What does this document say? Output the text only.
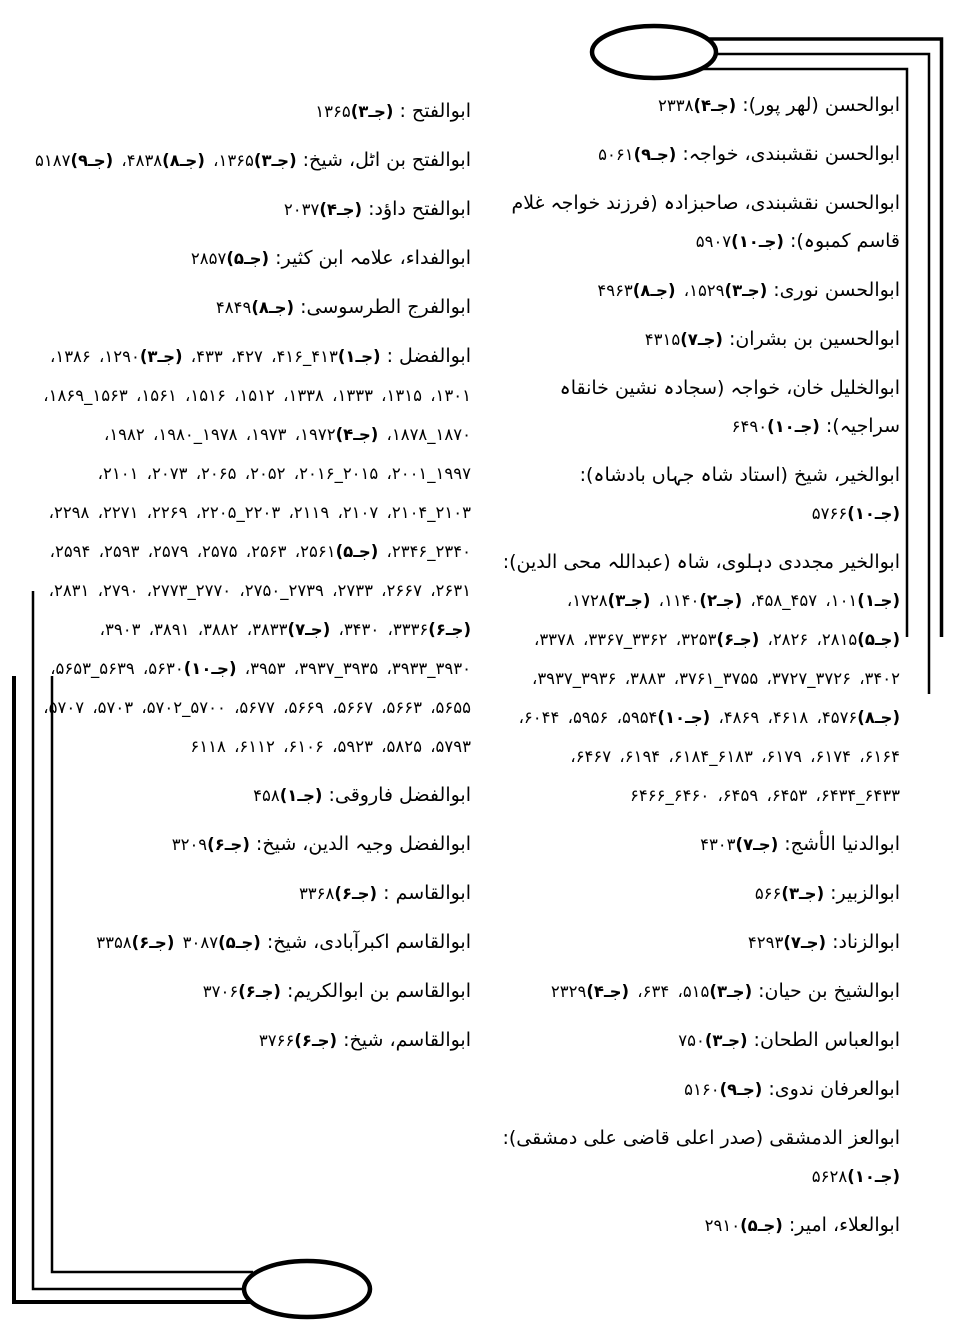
ابوالحسن (لهر پور): (جـ۴)۲۳۳۸

ابوالحسن نقشبندی، خواجہ: (جـ۹)۵۰۶۱

ابوالحسن نقشبندی، صاحبزادہ (فرزند خواجہ غلام قاسم کمبوہ): (جـ۱۰)۵۹۰۷

ابوالحسن نوری: (جـ۳)۱۵۲۹، (جـ۸)۴۹۶۳

ابوالحسین بن بشران: (جـ۷)۴۳۱۵

ابوالخلیل خان، خواجہ (سجادہ نشین خانقاہ سراجیہ): (جـ۱۰)۶۴۹۰

ابوالخیر، شیخ (استاد شاہ جہاں بادشاہ): (جـ۱۰)۵۷۶۶

ابوالخیر مجددی دہلوی، شاہ (عبداللہ محی الدین): (جـ۱)۱۰۱، ۴۵۷_۴۵۸، (جـ۲)۱۱۴۰، (جـ۳)۱۷۲۸، (جـ۵)۲۸۱۵، ۲۸۲۶، (جـ۶)۳۲۵۳، ۳۳۶۲_۳۳۶۷، ۳۳۷۸، ۳۴۰۲، ۳۷۲۶_۳۷۲۷، ۳۷۵۵_۳۷۶۱، ۳۸۸۳، ۳۹۳۶_۳۹۳۷، (جـ۸)۴۵۷۶، ۴۶۱۸، ۴۸۶۹، (جـ۱۰)۵۹۵۴، ۵۹۵۶، ۶۰۴۴، ۶۱۶۴، ۶۱۷۴، ۶۱۷۹، ۶۱۸۳_۶۱۸۴، ۶۱۹۴، ۶۴۶۷، ۶۴۳۳_۶۴۳۴، ۶۴۵۳، ۶۴۵۹، ۶۴۶۰_۶۴۶۶

ابوالدنیا الأشج: (جـ۷)۴۳۰۳

ابوالزبیر: (جـ۳)۵۶۶

ابوالزناد: (جـ۷)۴۲۹۳

ابوالشیخ بن حیان: (جـ۳)۵۱۵، ۶۳۴، (جـ۴)۲۳۲۹

ابوالعباس الطحان: (جـ۳)۷۵۰

ابوالعرفان ندوی: (جـ۹)۵۱۶۰

ابوالعز الدمشقی (صدر اعلی قاضی علی دمشقی): (جـ۱۰)۵۶۲۸

ابوالعلاء، امیر: (جـ۵)۲۹۱۰

ابوالفتح : (جـ۳)۱۳۶۵

ابوالفتح بن اٹل، شیخ: (جـ۳)۱۳۶۵، (جـ۸)۴۸۳۸، (جـ۹)۵۱۸۷

ابوالفتح داؤد: (جـ۴)۲۰۳۷

ابوالفداء، علامہ ابن کثیر: (جـ۵)۲۸۵۷

ابوالفرج الطرسوسی: (جـ۸)۴۸۴۹

ابوالفضل : (جـ۱)۴۱۳_۴۱۶، ۴۲۷، ۴۳۳، (جـ۳)۱۲۹۰، ۱۳۸۶، ۱۳۰۱، ۱۳۱۵، ۱۳۳۳، ۱۳۳۸، ۱۵۱۲، ۱۵۱۶، ۱۵۶۱، ۱۵۶۳_۱۸۶۹، ۱۸۷۰_۱۸۷۸، (جـ۴)۱۹۷۲، ۱۹۷۳، ۱۹۷۸_۱۹۸۰، ۱۹۸۲، ۱۹۹۷_۲۰۰۱، ۲۰۱۵_۲۰۱۶، ۲۰۵۲، ۲۰۶۵، ۲۰۷۳، ۲۱۰۱، ۲۱۰۳_۲۱۰۴، ۲۱۰۷، ۲۱۱۹، ۲۲۰۳_۲۲۰۵، ۲۲۶۹، ۲۲۷۱، ۲۲۹۸، ۲۳۴۰_۲۳۴۶، (جـ۵)۲۵۶۱، ۲۵۶۳، ۲۵۷۵، ۲۵۷۹، ۲۵۹۳، ۲۵۹۴، ۲۶۳۱، ۲۶۶۷، ۲۷۳۳، ۲۷۳۹_۲۷۵۰، ۲۷۷۰_۲۷۷۳، ۲۷۹۰، ۲۸۳۱، (جـ۶)۳۳۳۶، ۳۴۳۰، (جـ۷)۳۸۳۳، ۳۸۸۲، ۳۸۹۱، ۳۹۰۳، ۳۹۳۰_۳۹۳۳، ۳۹۳۵_۳۹۳۷، ۳۹۵۳، (جـ۱۰)۵۶۳۰، ۵۶۳۹_۵۶۵۳، ۵۶۵۵، ۵۶۶۳، ۵۶۶۷، ۵۶۶۹، ۵۶۷۷، ۵۷۰۰_۵۷۰۲، ۵۷۰۳، ۵۷۰۷، ۵۷۹۳، ۵۸۲۵، ۵۹۲۳، ۶۱۰۶، ۶۱۱۲، ۶۱۱۸

ابوالفضل فاروقی: (جـ۱)۴۵۸

ابوالفضل وجیہ الدین، شیخ: (جـ۶)۳۲۰۹

ابوالقاسم : (جـ۶)۳۳۶۸

ابوالقاسم اکبرآبادی، شیخ: (جـ۵)۳۰۸۷ (جـ۶)۳۳۵۸

ابوالقاسم بن ابوالکریم: (جـ۶)۳۷۰۶

ابوالقاسم، شیخ: (جـ۶)۳۷۶۶
